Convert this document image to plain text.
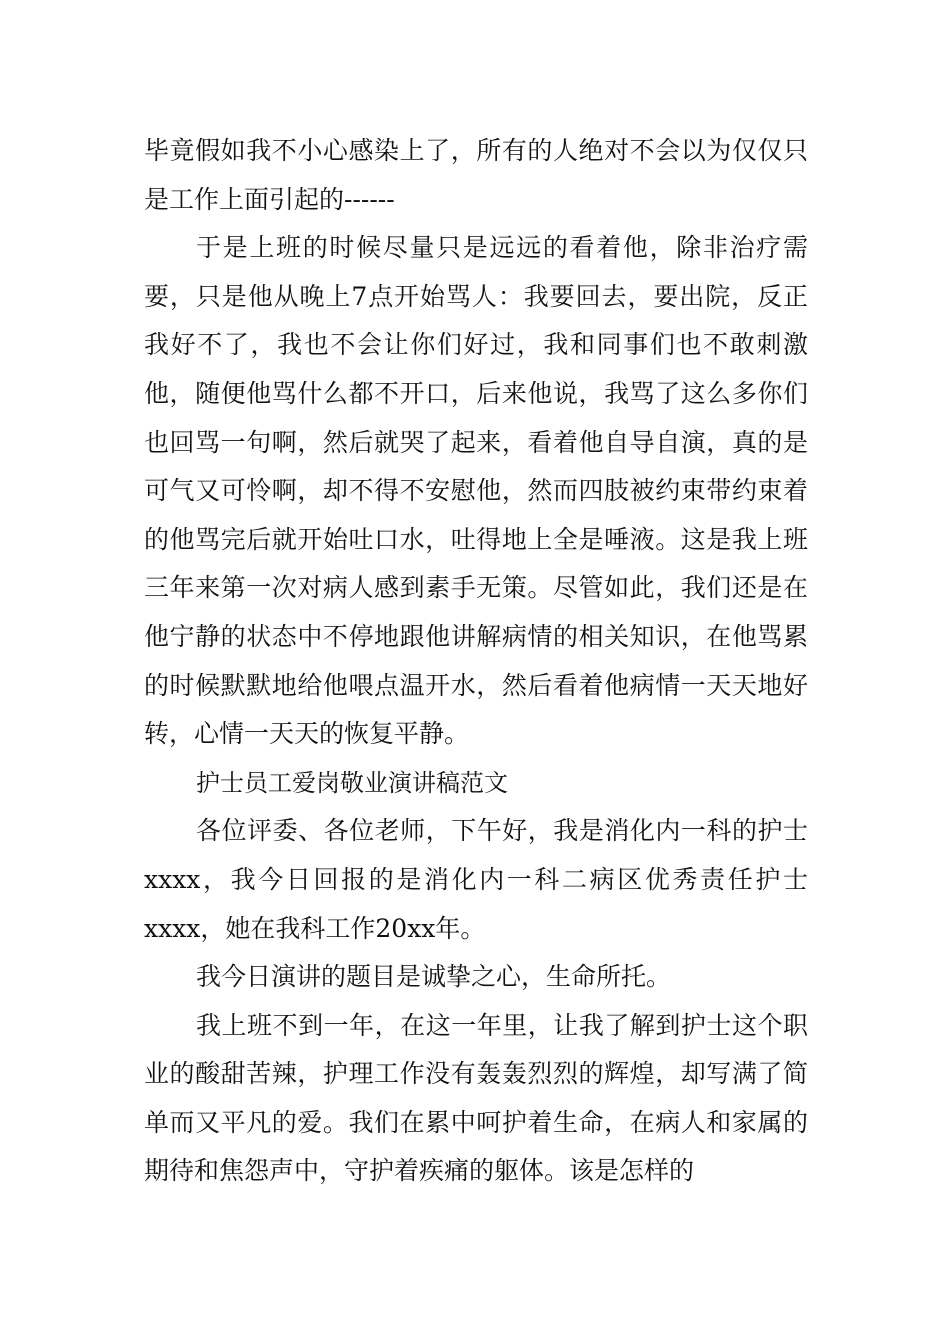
毕竟假如我不小心感染上了，所有的人绝对不会以为仅仅只是工作上面引起的------

于是上班的时候尽量只是远远的看着他，除非治疗需要，只是他从晚上7点开始骂人：我要回去，要出院，反正我好不了，我也不会让你们好过，我和同事们也不敢刺激他，随便他骂什么都不开口，后来他说，我骂了这么多你们也回骂一句啊，然后就哭了起来，看着他自导自演，真的是可气又可怜啊，却不得不安慰他，然而四肢被约束带约束着的他骂完后就开始吐口水，吐得地上全是唾液。这是我上班三年来第一次对病人感到素手无策。尽管如此，我们还是在他宁静的状态中不停地跟他讲解病情的相关知识，在他骂累的时候默默地给他喂点温开水，然后看着他病情一天天地好转，心情一天天的恢复平静。

护士员工爱岗敬业演讲稿范文

各位评委、各位老师，下午好，我是消化内一科的护士xxxx，我今日回报的是消化内一科二病区优秀责任护士xxxx，她在我科工作20xx年。

我今日演讲的题目是诚挚之心，生命所托。

我上班不到一年，在这一年里，让我了解到护士这个职业的酸甜苦辣，护理工作没有轰轰烈烈的辉煌，却写满了简单而又平凡的爱。我们在累中呵护着生命，在病人和家属的期待和焦怨声中，守护着疾痛的躯体。该是怎样的
